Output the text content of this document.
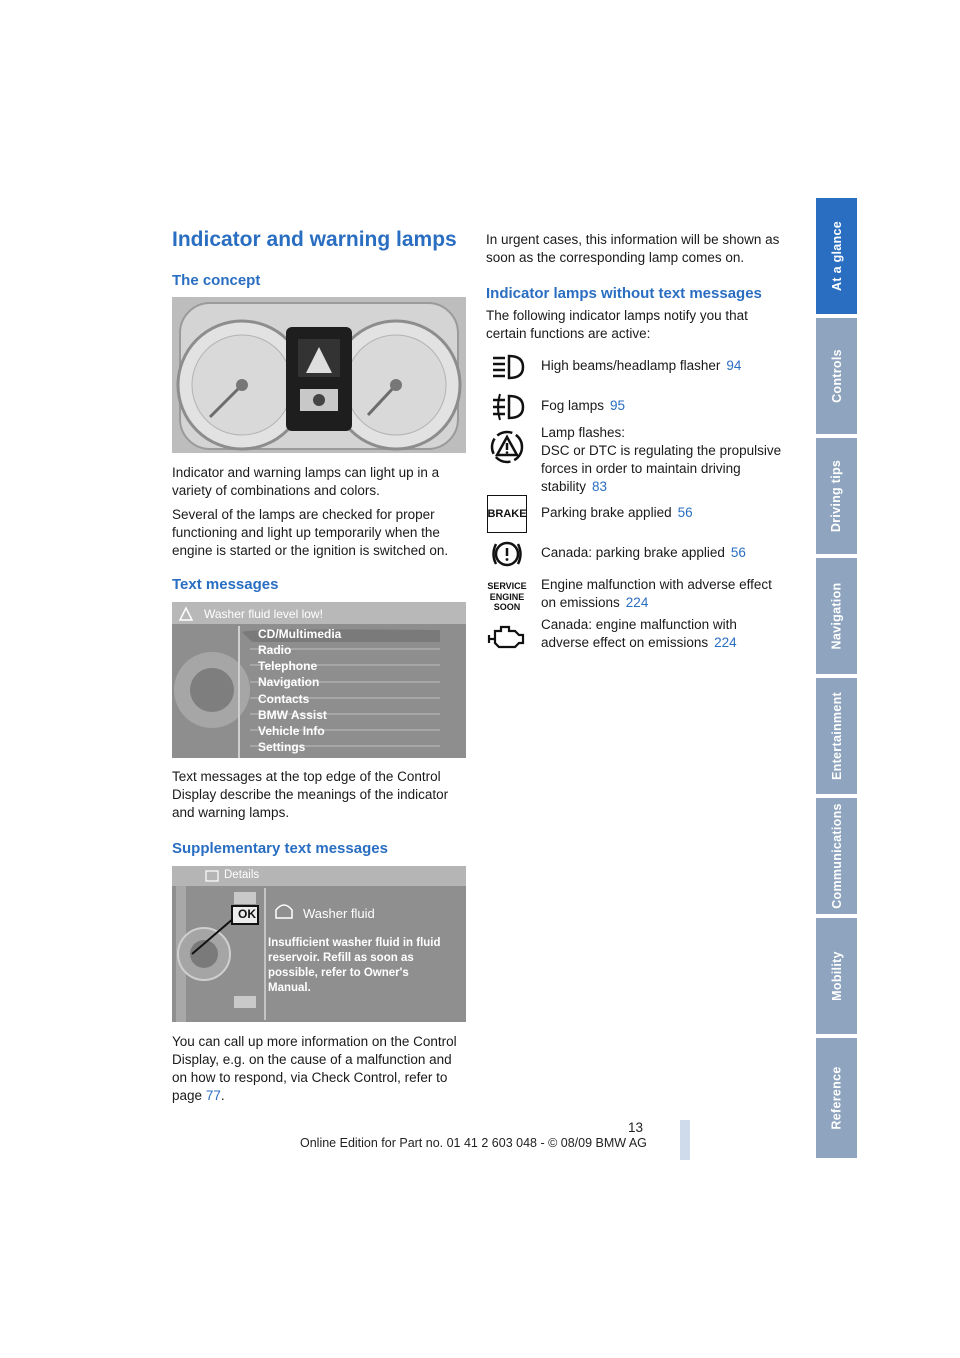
At a glance
Controls
Driving tips
Navigation
Entertainment
Communications
Mobility
Reference
Indicator and warning lamps
The concept
Indicator and warning lamps can light up in a variety of combinations and colors.
Several of the lamps are checked for proper functioning and light up temporarily when the engine is started or the ignition is switched on.
Text messages
Washer fluid level low!
CD/Multimedia
Radio
Telephone
Navigation
Contacts
BMW Assist
Vehicle Info
Settings
Text messages at the top edge of the Control Display describe the meanings of the indicator and warning lamps.
Supplementary text messages
Details
OK	Washer fluid
Insufficient washer fluid in fluid reservoir. Refill as soon as possible, refer to Owner's Manual.
You can call up more information on the Control Display, e.g. on the cause of a malfunction and on how to respond, via Check Control, refer to page 77.
In urgent cases, this information will be shown as soon as the corresponding lamp comes on.
Indicator lamps without text messages
The following indicator lamps notify you that certain functions are active:
High beams/headlamp flasher 94
Fog lamps 95
Lamp flashes:
DSC or DTC is regulating the propulsive forces in order to maintain driving stability 83
BRAKE Parking brake applied 56
Canada: parking brake applied 56
SERVICE
ENGINE
SOON
Engine malfunction with adverse effect on emissions 224
Canada: engine malfunction with adverse effect on emissions 224
13
Online Edition for Part no. 01 41 2 603 048 - © 08/09 BMW AG
